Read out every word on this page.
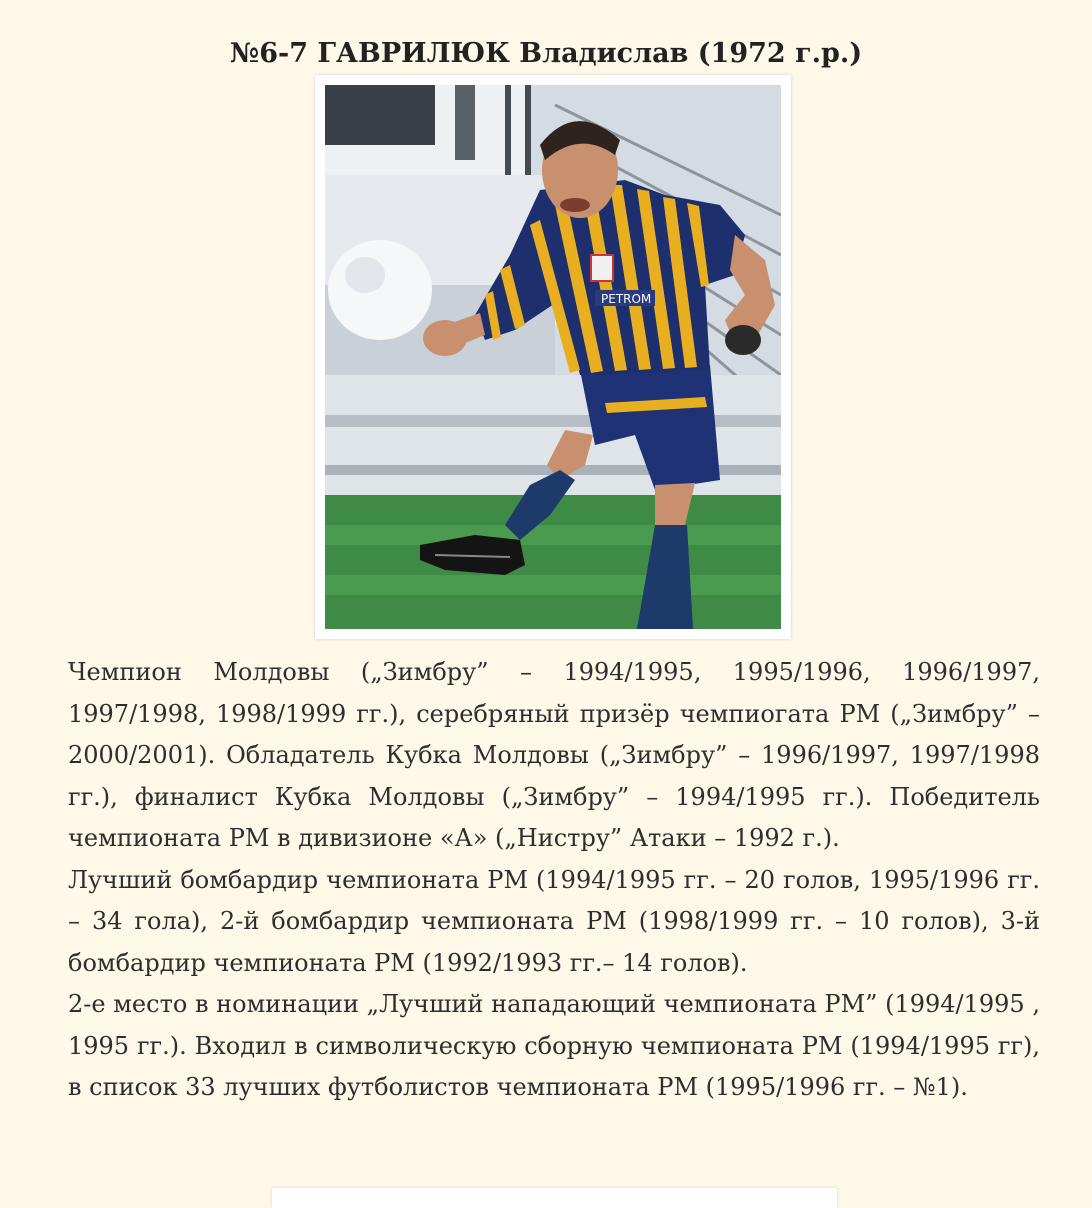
№6-7 ГАВРИЛЮК Владислав (1972 г.р.)
PETROM

Чемпион Молдовы („Зимбру” – 1994/1995, 1995/1996, 1996/1997, 1997/1998, 1998/1999 гг.), серебряный призёр чемпиогата РМ („Зимбру” – 2000/2001). Обладатель Кубка Молдовы („Зимбру” – 1996/1997, 1997/1998 гг.), финалист Кубка Молдовы („Зимбру” – 1994/1995 гг.). Победитель чемпионата РМ в дивизионе «А» („Нистру” Атаки – 1992 г.).

Лучший бомбардир чемпионата РМ (1994/1995 гг. – 20 голов, 1995/1996 гг. – 34 гола), 2-й бомбардир чемпионата РМ (1998/1999 гг. – 10 голов), 3-й бомбардир чемпионата РМ (1992/1993 гг.– 14 голов).

2-е место в номинации „Лучший нападающий чемпионата РМ” (1994/1995 , 1995 гг.). Входил в символическую сборную чемпионата РМ (1994/1995 гг), в список 33 лучших футболистов чемпионата РМ (1995/1996 гг. – №1).
